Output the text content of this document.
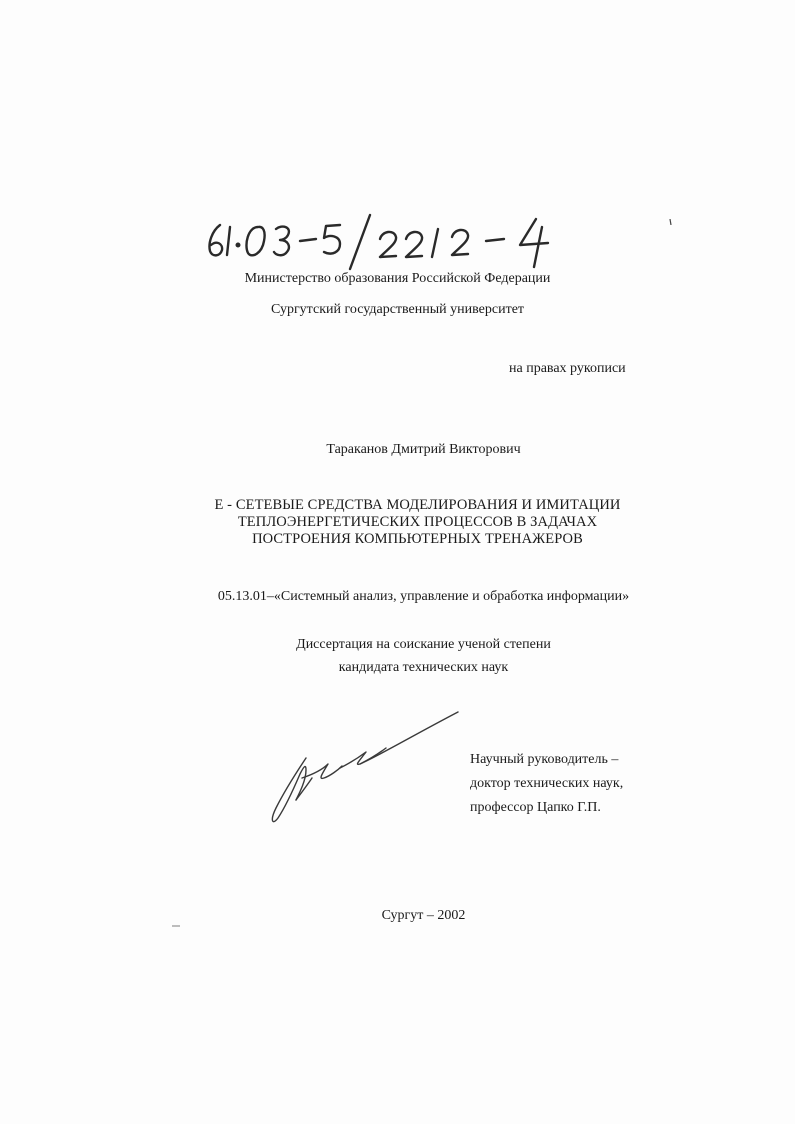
Министерство образования Российской Федерации
Сургутский государственный университет
на правах рукописи
Тараканов Дмитрий Викторович
Е - СЕТЕВЫЕ СРЕДСТВА МОДЕЛИРОВАНИЯ И ИМИТАЦИИ
ТЕПЛОЭНЕРГЕТИЧЕСКИХ ПРОЦЕССОВ В ЗАДАЧАХ
ПОСТРОЕНИЯ КОМПЬЮТЕРНЫХ ТРЕНАЖЕРОВ
05.13.01–«Системный анализ, управление и обработка информации»
Диссертация на соискание ученой степени
кандидата технических наук
Научный руководитель –
доктор технических наук,
профессор Цапко Г.П.
Сургут – 2002
